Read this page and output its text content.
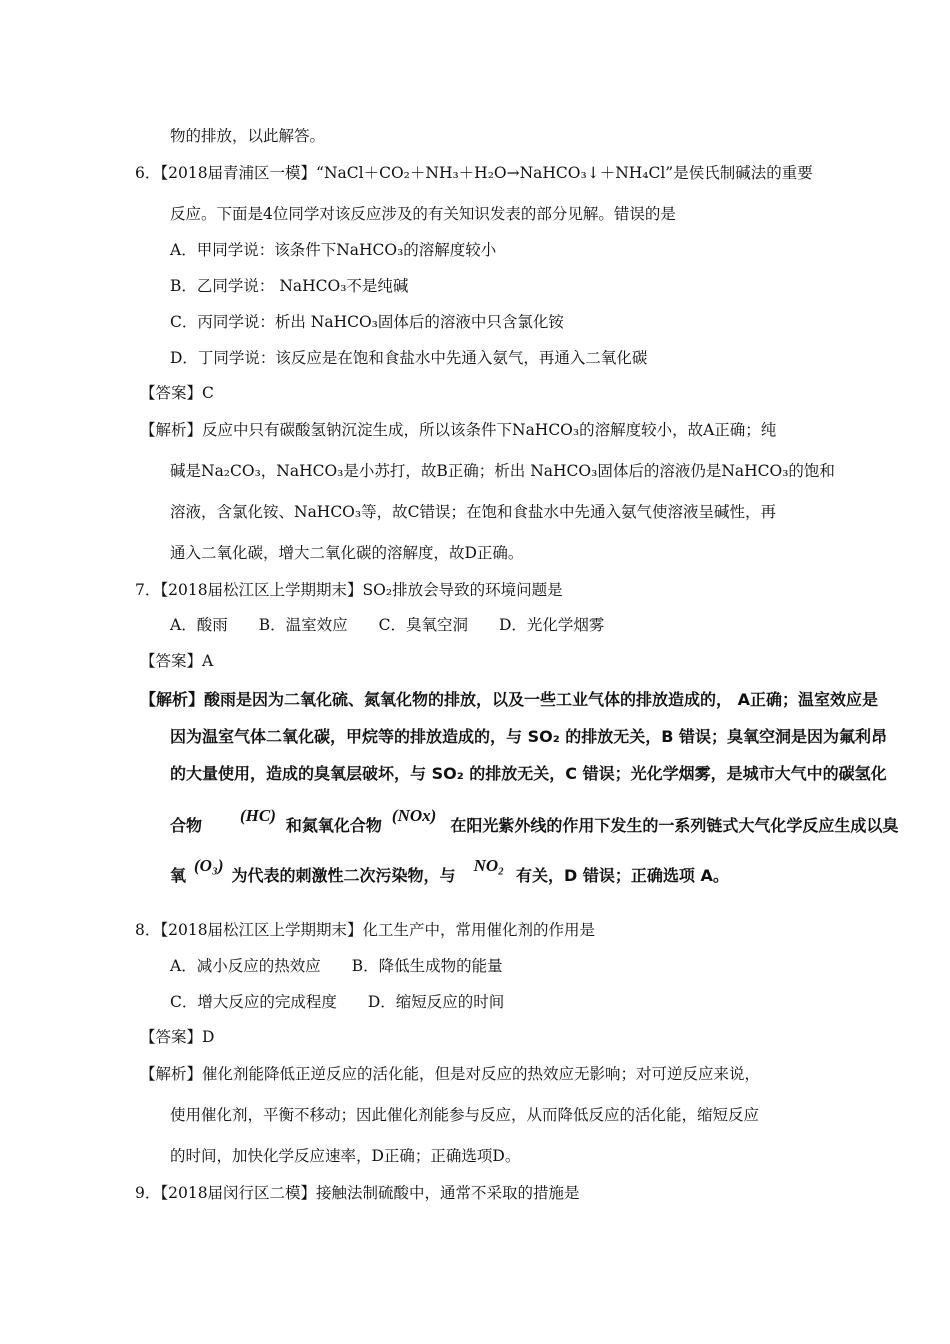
物的排放，以此解答。
6．【2018届青浦区一模】“NaCl＋CO₂＋NH₃＋H₂O→NaHCO₃↓＋NH₄Cl”是侯氏制碱法的重要
反应。下面是4位同学对该反应涉及的有关知识发表的部分见解。错误的是
A．甲同学说：该条件下NaHCO₃的溶解度较小
B．乙同学说： NaHCO₃不是纯碱
C．丙同学说：析出 NaHCO₃固体后的溶液中只含氯化铵
D．丁同学说：该反应是在饱和食盐水中先通入氨气，再通入二氧化碳
【答案】C
【解析】反应中只有碳酸氢钠沉淀生成，所以该条件下NaHCO₃的溶解度较小，故A正确；纯
碱是Na₂CO₃，NaHCO₃是小苏打，故B正确；析出 NaHCO₃固体后的溶液仍是NaHCO₃的饱和
溶液，含氯化铵、NaHCO₃等，故C错误；在饱和食盐水中先通入氨气使溶液呈碱性，再
通入二氧化碳，增大二氧化碳的溶解度，故D正确。
7．【2018届松江区上学期期末】SO₂排放会导致的环境问题是
A．酸雨　　B．温室效应　　C．臭氧空洞　　D．光化学烟雾
【答案】A
【解析】酸雨是因为二氧化硫、氮氧化物的排放，以及一些工业气体的排放造成的， A正确；温室效应是
因为温室气体二氧化碳，甲烷等的排放造成的，与 SO₂ 的排放无关，B 错误；臭氧空洞是因为氟利昂
的大量使用，造成的臭氧层破坏，与 SO₂ 的排放无关，C 错误；光化学烟雾，是城市大气中的碳氢化
合物(HC)和氮氧化合物(NOx)在阳光紫外线的作用下发生的一系列链式大气化学反应生成以臭
氧(O₃)为代表的刺激性二次污染物，与NO₂有关，D 错误；正确选项 A。
8．【2018届松江区上学期期末】化工生产中，常用催化剂的作用是
A．减小反应的热效应　　B．降低生成物的能量
C．增大反应的完成程度　　D．缩短反应的时间
【答案】D
【解析】催化剂能降低正逆反应的活化能，但是对反应的热效应无影响；对可逆反应来说，
使用催化剂，平衡不移动；因此催化剂能参与反应，从而降低反应的活化能，缩短反应
的时间，加快化学反应速率，D正确；正确选项D。
9．【2018届闵行区二模】接触法制硫酸中，通常不采取的措施是
